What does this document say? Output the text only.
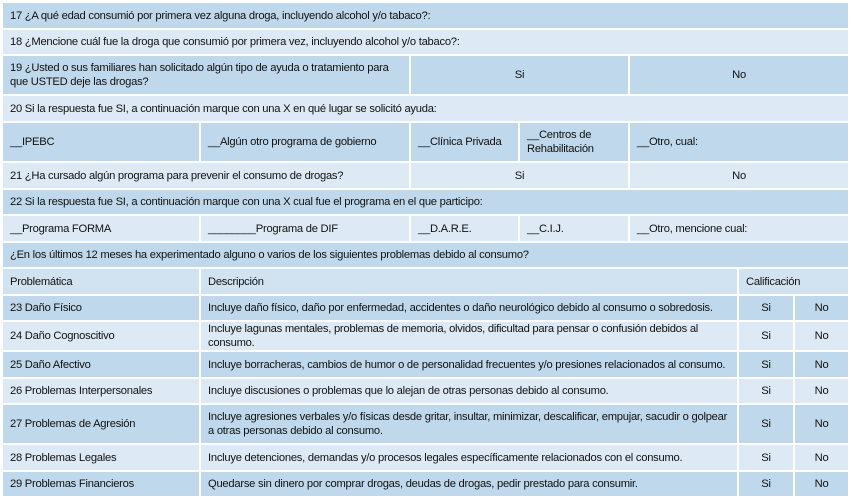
17 ¿A qué edad consumió por primera vez alguna droga, incluyendo alcohol y/o tabaco?:						
18 ¿Mencione cuál fue la droga que consumió por primera vez, incluyendo alcohol y/o tabaco?:						
19 ¿Usted o sus familiares han solicitado algún tipo de ayuda o tratamiento para que USTED deje las drogas?		Si		No		
20 Si la respuesta fue SI, a continuación marque con una X en qué lugar se solicitó ayuda:						
__IPEBC	__Algún otro programa de gobierno	__Clínica Privada	__Centros de Rehabilitación	__Otro, cual:		
21 ¿Ha cursado algún programa para prevenir el consumo de drogas?		Si		No		
22 Si la respuesta fue SI, a continuación marque con una X cual fue el programa en el que participo:						
__Programa FORMA	________Programa de DIF	__D.A.R.E.	__C.I.J.	__Otro, mencione cual:		
¿En los últimos 12 meses ha experimentado alguno o varios de los siguientes problemas debido al consumo?						
Problemática	Descripción				Calificación	
23 Daño Físico	Incluye daño físico, daño por enfermedad, accidentes o daño neurológico debido al consumo o sobredosis.				Si	No
24 Daño Cognoscitivo	Incluye lagunas mentales, problemas de memoria, olvidos, dificultad para pensar o confusión debidos al consumo.				Si	No
25 Daño Afectivo	Incluye borracheras, cambios de humor o de personalidad frecuentes y/o presiones relacionados al consumo.				Si	No
26 Problemas Interpersonales	Incluye discusiones o problemas que lo alejan de otras personas debido al consumo.				Si	No
27 Problemas de Agresión	Incluye agresiones verbales y/o físicas desde gritar, insultar, minimizar, descalificar, empujar, sacudir o golpear a otras personas debido al consumo.				Si	No
28 Problemas Legales	Incluye detenciones, demandas y/o procesos legales específicamente relacionados con el consumo.				Si	No
29 Problemas Financieros	Quedarse sin dinero por comprar drogas, deudas de drogas, pedir prestado para consumir.				Si	No
